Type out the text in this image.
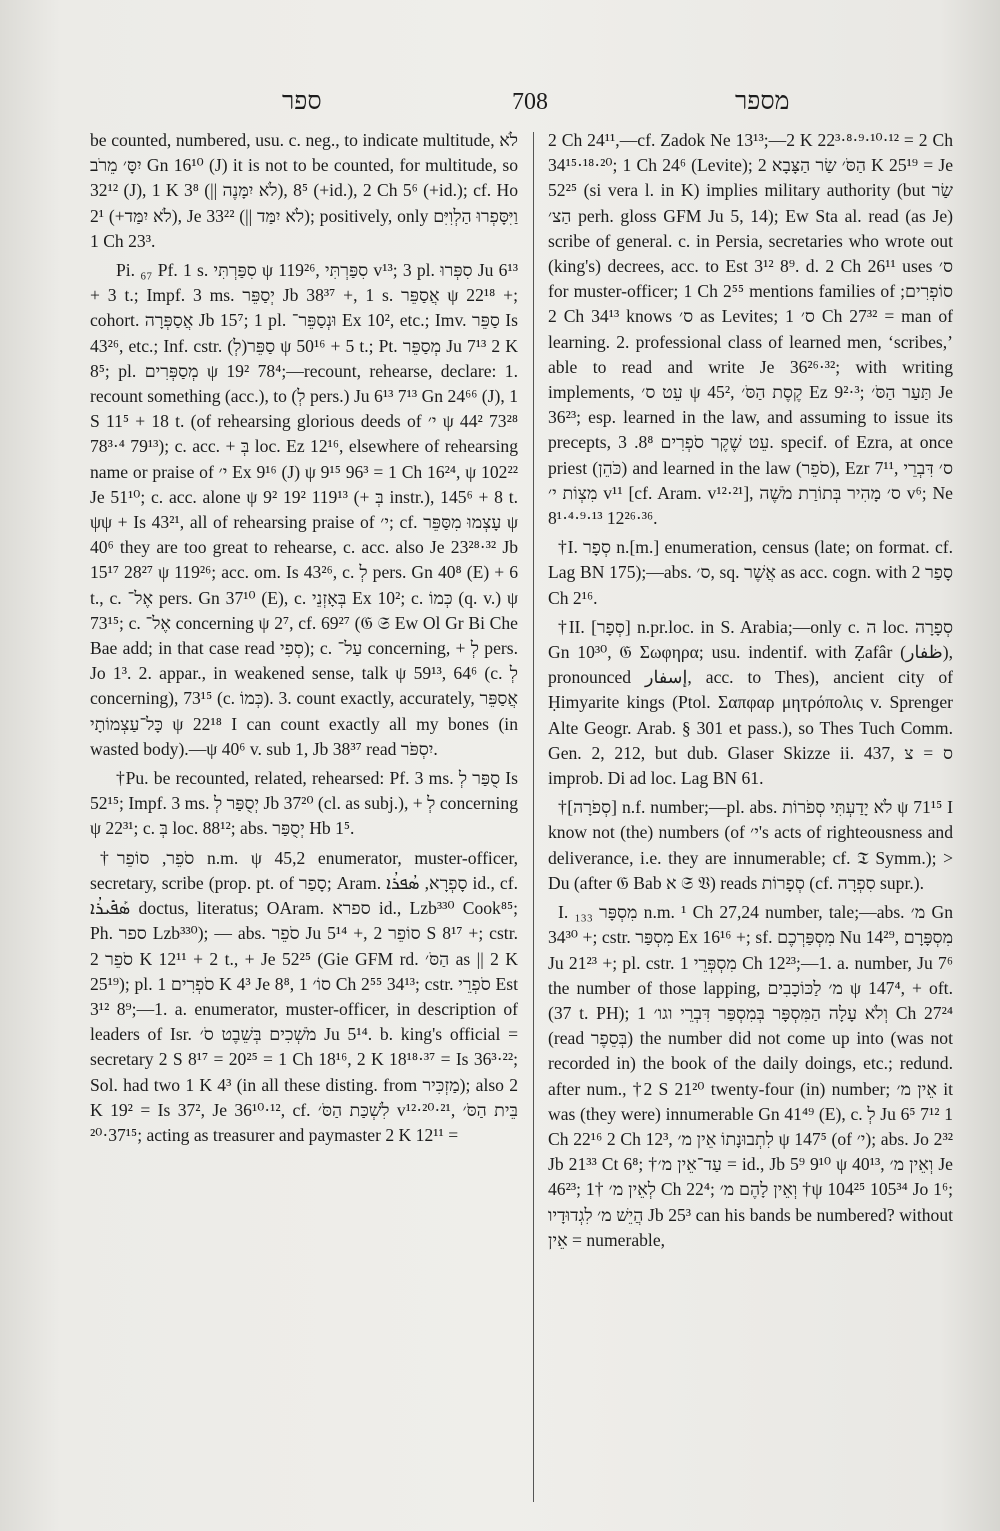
ספר	708	מספר

be counted, numbered, usu. c. neg., to indicate multitude, לֹא יִסָּ׳ מֵרֹב Gn 16¹⁰ (J) it is not to be counted, for multitude, so 32¹² (J), 1 K 3⁸ (|| לֹא יִמָּנֶה), 8⁵ (+id.), 2 Ch 5⁶ (+id.); cf. Ho 2¹ (+לֹא יִמַּד), Je 33²² (|| לֹא יִמַּד); positively, only וַיִּסָּפְרוּ הַלְוִיִּם 1 Ch 23³.

Pi. ₆₇ Pf. 1 s. סִפַּרְתִּי ψ 119²⁶, סִפַּרְתִּי v¹³; 3 pl. סִפְּרוּ Ju 6¹³ + 3 t.; Impf. 3 ms. יְסַפֵּר Jb 38³⁷ +, 1 s. אֲסַפֵּר ψ 22¹⁸ +; cohort. אֲסַפְּרָה Jb 15⁷; 1 pl. וּנְסַפֵּר־ Ex 10², etc.; Imv. סַפֵּר Is 43²⁶, etc.; Inf. cstr. (לְ)סַפֵּר ψ 50¹⁶ + 5 t.; Pt. מְסַפֵּר Ju 7¹³ 2 K 8⁵; pl. מְסַפְּרִים ψ 19² 78⁴;—recount, rehearse, declare: 1. recount something (acc.), to (לְ pers.) Ju 6¹³ 7¹³ Gn 24⁶⁶ (J), 1 S 11⁵ + 18 t. (of rehearsing glorious deeds of י׳ ψ 44² 73²⁸ 78³·⁴ 79¹³); c. acc. + בְּ loc. Ez 12¹⁶, elsewhere of rehearsing name or praise of י׳ Ex 9¹⁶ (J) ψ 9¹⁵ 96³ = 1 Ch 16²⁴, ψ 102²² Je 51¹⁰; c. acc. alone ψ 9² 19² 119¹³ (+ בְּ instr.), 145⁶ + 8 t. ψψ + Is 43²¹, all of rehearsing praise of י׳; cf. עָצְמוּ מִסַּפֵּר ψ 40⁶ they are too great to rehearse, c. acc. also Je 23²⁸·³² Jb 15¹⁷ 28²⁷ ψ 119²⁶; acc. om. Is 43²⁶, c. לְ pers. Gn 40⁸ (E) + 6 t., c. אֶל־ pers. Gn 37¹⁰ (E), c. בְּאָזְנֵי Ex 10²; c. כְּמוֹ (q. v.) ψ 73¹⁵; c. אֶל־ concerning ψ 2⁷, cf. 69²⁷ (𝔊 𝔖 Ew Ol Gr Bi Che Bae add; in that case read סְפִי); c. עַל־ concerning, + לְ pers. Jo 1³. 2. appar., in weakened sense, talk ψ 59¹³, 64⁶ (c. לְ concerning), 73¹⁵ (c. כְּמוֹ). 3. count exactly, accurately, אֲסַפֵּר כָּל־עַצְמוֹתָי ψ 22¹⁸ I can count exactly all my bones (in wasted body).—ψ 40⁶ v. sub 1, Jb 38³⁷ read יִסְפֹּר.

†Pu. be recounted, related, rehearsed: Pf. 3 ms. סֻפַּר לְ Is 52¹⁵; Impf. 3 ms. יְסֻפַּר לְ Jb 37²⁰ (cl. as subj.), + לְ concerning ψ 22³¹; c. בְּ loc. 88¹²; abs. יְסֻפַּר Hb 1⁵.

†סֹפֵר, סוֹפֵר n.m. ψ 45,2 enumerator, muster-officer, secretary, scribe (prop. pt. of סָפַר; Aram. סָפְרָא, ܣܳܦܪܳܐ id., cf. ܣܰܦܺܝܪܳܐ doctus, literatus; OAram. ספרא id., Lzb³³⁰ Cook⁸⁵; Ph. ספר Lzb³³⁰); — abs. סֹפֵר Ju 5¹⁴ +, סוֹפֵר 2 S 8¹⁷ +; cstr. סֹפֵר 2 K 12¹¹ + 2 t., + Je 52²⁵ (Gie GFM rd. הַסֹּ׳ as || 2 K 25¹⁹); pl. סֹפְרִים 1 K 4³ Je 8⁸, סוֹ׳ 1 Ch 2⁵⁵ 34¹³; cstr. סֹפְרֵי Est 3¹² 8⁹;—1. a. enumerator, muster-officer, in description of leaders of Isr. מֹשְׁכִים בְּשֵׁבֶט סֹ׳ Ju 5¹⁴. b. king's official = secretary 2 S 8¹⁷ = 20²⁵ = 1 Ch 18¹⁶, 2 K 18¹⁸·³⁷ = Is 36³·²²; Sol. had two 1 K 4³ (in all these disting. from מַזְכִּיר); also 2 K 19² = Is 37², Je 36¹⁰·¹², cf. לִשְׁכַּת הַסֹּ׳ v¹²·²⁰·²¹, בֵּית הַסֹּ׳ 37¹⁵·²⁰; acting as treasurer and paymaster 2 K 12¹¹ =

2 Ch 24¹¹,—cf. Zadok Ne 13¹³;—2 K 22³·⁸·⁹·¹⁰·¹² = 2 Ch 34¹⁵·¹⁸·²⁰; 1 Ch 24⁶ (Levite); הַסֹּ׳ שַׂר הַצָּבָא 2 K 25¹⁹ = Je 52²⁵ (si vera l. in K) implies military authority (but שַׂר הַצ׳ perh. gloss GFM Ju 5, 14); Ew Sta al. read (as Je) scribe of general. c. in Persia, secretaries who wrote out (king's) decrees, acc. to Est 3¹² 8⁹. d. 2 Ch 26¹¹ uses ס׳ for muster-officer; 1 Ch 2⁵⁵ mentions families of סוֹפְרִים; 2 Ch 34¹³ knows ס׳ as Levites; ס׳ 1 Ch 27³² = man of learning. 2. professional class of learned men, ‘scribes,’ able to read and write Je 36²⁶·³²; with writing implements, עֵט ס׳ ψ 45², קֶסֶת הַסֹּ׳ Ez 9²·³; תַּעַר הַסֹּ׳ Je 36²³; esp. learned in the law, and assuming to issue its precepts, עֵט שֶׁקֶר סֹפְרִים 8⁸. 3. specif. of Ezra, at once priest (כֹּהֵן) and learned in the law (סֹפֵר), Ezr 7¹¹, ס׳ דִּבְרֵי מִצְוֹת י׳ v¹¹ [cf. Aram. v¹²·²¹], ס׳ מָהִיר בְּתוֹרַת מֹשֶׁה v⁶; Ne 8¹·⁴·⁹·¹³ 12²⁶·³⁶.

†I. סְפָר n.[m.] enumeration, census (late; on format. cf. Lag BN 175);—abs. ס׳, sq. אֲשֶׁר as acc. cogn. with סָפַר 2 Ch 2¹⁶.

†II. [סְפָר] n.pr.loc. in S. Arabia;—only c. ה loc. סְפָרָה Gn 10³⁰, 𝔊 Σωφηρα; usu. indentif. with Ẓafâr (ظفار), pronounced إسفار, acc. to Thes), ancient city of Ḥimyarite kings (Ptol. Σαπφαρ μητρόπολις v. Sprenger Alte Geogr. Arab. § 301 et pass.), so Thes Tuch Comm. Gen. 2, 212, but dub. Glaser Skizze ii. 437, ס = צ improb. Di ad loc. Lag BN 61.

†[סְפֹרָה] n.f. number;—pl. abs. לֹא יָדַעְתִּי סְפֹרוֹת ψ 71¹⁵ I know not (the) numbers (of י׳'s acts of righteousness and deliverance, i.e. they are innumerable; cf. 𝔗 Symm.); > Du (after 𝔊 Bab א 𝔖 𝔙) reads סְפָרוֹת (cf. סִפְרָה supr.).

I. מִסְפָּר ₁₃₃ n.m. ¹ Ch 27,24 number, tale;—abs. מ׳ Gn 34³⁰ +; cstr. מִסְפַּר Ex 16¹⁶ +; sf. מִסְפַּרְכֶם Nu 14²⁹, מִסְפָּרָם Ju 21²³ +; pl. cstr. מִסְפְּרֵי 1 Ch 12²³;—1. a. number, Ju 7⁶ the number of those lapping, מ׳ לַכּוֹכָבִים ψ 147⁴, + oft. (37 t. PH); וְלֹא עָלָה הַמִּסְפָּר בְּמִסְפַּר דִּבְרֵי וגו׳ 1 Ch 27²⁴ (read בְּסֵפֶר) the number did not come up into (was not recorded in) the book of the daily doings, etc.; redund. after num., †2 S 21²⁰ twenty-four (in) number; אֵין מ׳ it was (they were) innumerable Gn 41⁴⁹ (E), c. לְ Ju 6⁵ 7¹² 1 Ch 22¹⁶ 2 Ch 12³, לִתְבוּנָתוֹ אֵין מ׳ ψ 147⁵ (of י׳); abs. Jo 2³² Jb 21³³ Ct 6⁸; †עַד־אֵין מ׳ = id., Jb 5⁹ 9¹⁰ ψ 40¹³, וְאֵין מ׳ Je 46²³; לְאֵין מ׳ †1 Ch 22⁴; וְאֵין לָהֶם מ׳ †ψ 104²⁵ 105³⁴ Jo 1⁶; הֲיֵשׁ מ׳ לִגְדוּדָיו Jb 25³ can his bands be numbered? without אֵין = numerable,
